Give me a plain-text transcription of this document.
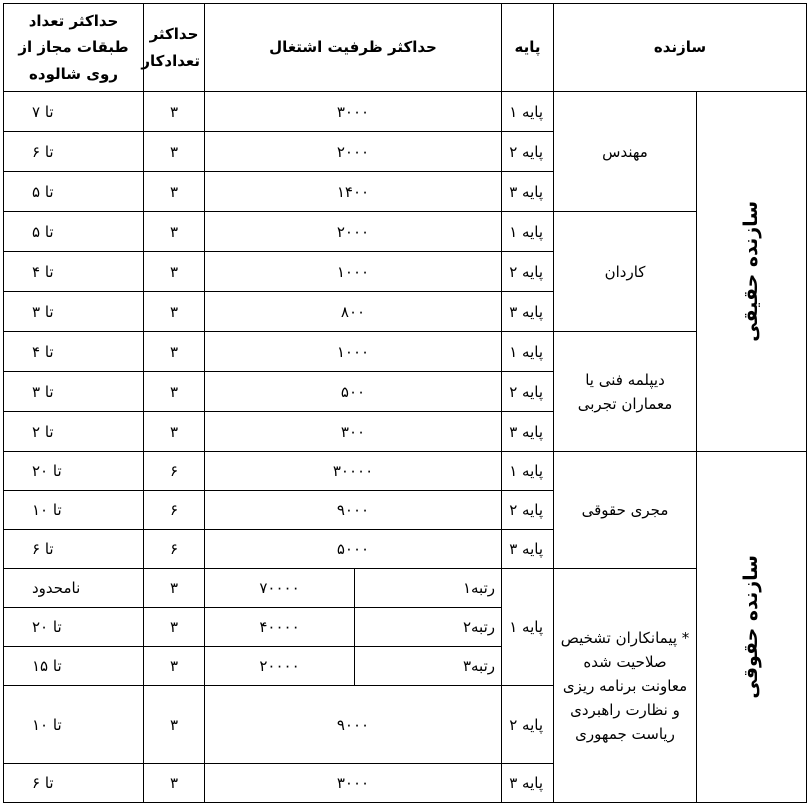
سازنده		پایه	حداکثر ظرفیت اشتغال		حداکثر تعدادکار	حداکثر تعداد طبقات مجاز از روی شالوده

سازنده حقیقی	مهندس	پایه ۱	۳۰۰۰		۳	تا ۷
		پایه ۲	۲۰۰۰		۳	تا ۶
		پایه ۳	۱۴۰۰		۳	تا ۵
	کاردان	پایه ۱	۲۰۰۰		۳	تا ۵
		پایه ۲	۱۰۰۰		۳	تا ۴
		پایه ۳	۸۰۰		۳	تا ۳
	دیپلمه فنی یا معماران تجربی	پایه ۱	۱۰۰۰		۳	تا ۴
		پایه ۲	۵۰۰		۳	تا ۳
		پایه ۳	۳۰۰		۳	تا ۲

سازنده حقوقی	مجری حقوقی	پایه ۱	۳۰۰۰۰		۶	تا ۲۰
		پایه ۲	۹۰۰۰		۶	تا ۱۰
		پایه ۳	۵۰۰۰		۶	تا ۶
	* پیمانکاران تشخیص صلاحیت شده معاونت برنامه ریزی و نظارت راهبردی ریاست جمهوری	پایه ۱	رتبه۱	۷۰۰۰۰	۳	نامحدود
			رتبه۲	۴۰۰۰۰	۳	تا ۲۰
			رتبه۳	۲۰۰۰۰	۳	تا ۱۵
		پایه ۲	۹۰۰۰		۳	تا ۱۰

		پایه ۳	۳۰۰۰		۳	تا ۶
